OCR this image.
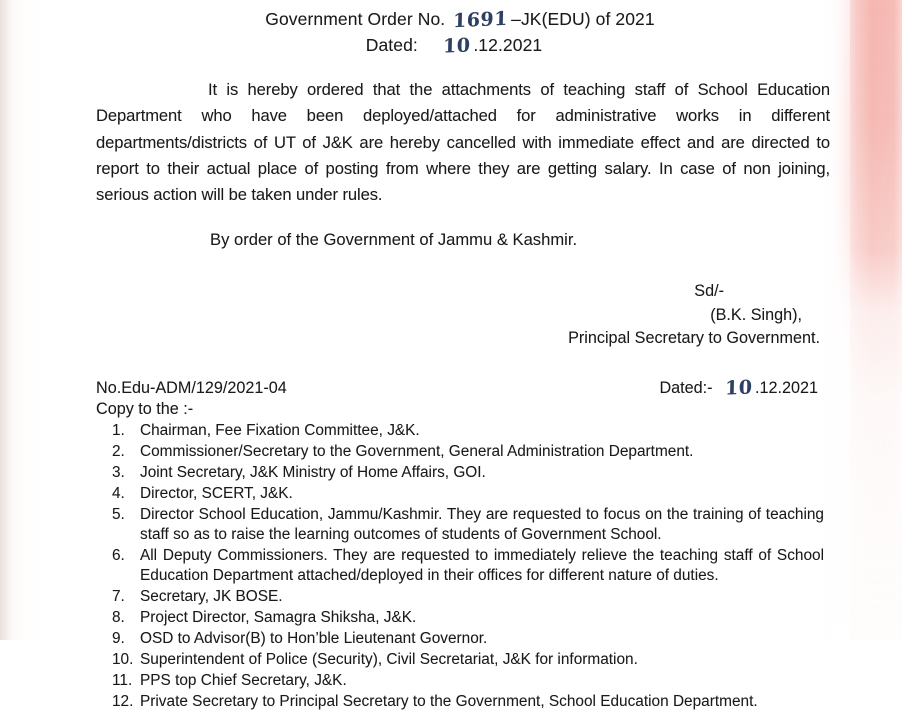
Government Order No. 1691 –JK(EDU) of 2021
Dated: 10 .12.2021

It is hereby ordered that the attachments of teaching staff of School Education Department who have been deployed/attached for administrative works in different departments/districts of UT of J&K are hereby cancelled with immediate effect and are directed to report to their actual place of posting from where they are getting salary. In case of non joining, serious action will be taken under rules.

By order of the Government of Jammu & Kashmir.
Sd/-
(B.K. Singh),
Principal Secretary to Government.
No.Edu-ADM/129/2021-04	Dated:- 10 .12.2021
Copy to the :-
1. Chairman, Fee Fixation Committee, J&K.
2. Commissioner/Secretary to the Government, General Administration Department.
3. Joint Secretary, J&K Ministry of Home Affairs, GOI.
4. Director, SCERT, J&K.
5. Director School Education, Jammu/Kashmir. They are requested to focus on the training of teaching staff so as to raise the learning outcomes of students of Government School.
6. All Deputy Commissioners. They are requested to immediately relieve the teaching staff of School Education Department attached/deployed in their offices for different nature of duties.
7. Secretary, JK BOSE.
8. Project Director, Samagra Shiksha, J&K.
9. OSD to Advisor(B) to Hon’ble Lieutenant Governor.
10. Superintendent of Police (Security), Civil Secretariat, J&K for information.
11. PPS top Chief Secretary, J&K.
12. Private Secretary to Principal Secretary to the Government, School Education Department.
